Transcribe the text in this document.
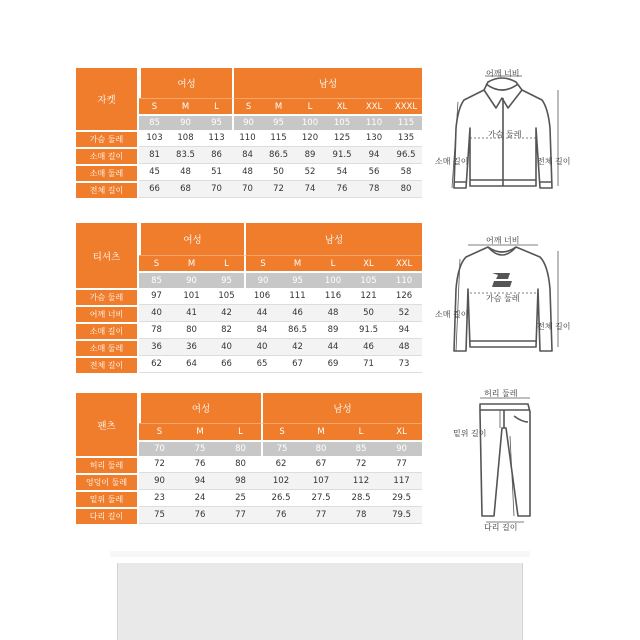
자켓	여성			남성					
	S	M	L	S	M	L	XL	XXL	XXXL
	85	90	95	90	95	100	105	110	115
가슴 둘레	103	108	113	110	115	120	125	130	135
소매 길이	81	83.5	86	84	86.5	89	91.5	94	96.5
소매 둘레	45	48	51	48	50	52	54	56	58
전체 길이	66	68	70	70	72	74	76	78	80
티셔츠	여성			남성				
	S	M	L	S	M	L	XL	XXL
	85	90	95	90	95	100	105	110
가슴 둘레	97	101	105	106	111	116	121	126
어깨 너비	40	41	42	44	46	48	50	52
소매 길이	78	80	82	84	86.5	89	91.5	94
소매 둘레	36	36	40	40	42	44	46	48
전체 길이	62	64	66	65	67	69	71	73
팬츠	여성			남성			
	S	M	L	S	M	L	XL
	70	75	80	75	80	85	90
허리 둘레	72	76	80	62	67	72	77
엉덩이 둘레	90	94	98	102	107	112	117
밑위 둘레	23	24	25	26.5	27.5	28.5	29.5
다리 길이	75	76	77	76	77	78	79.5
어깨 너비
가슴 둘레
소매 길이	전체 길이
어깨 너비
가슴 둘레
소매 길이
전체 길이
허리 둘레
밑위 길이
다리 길이
